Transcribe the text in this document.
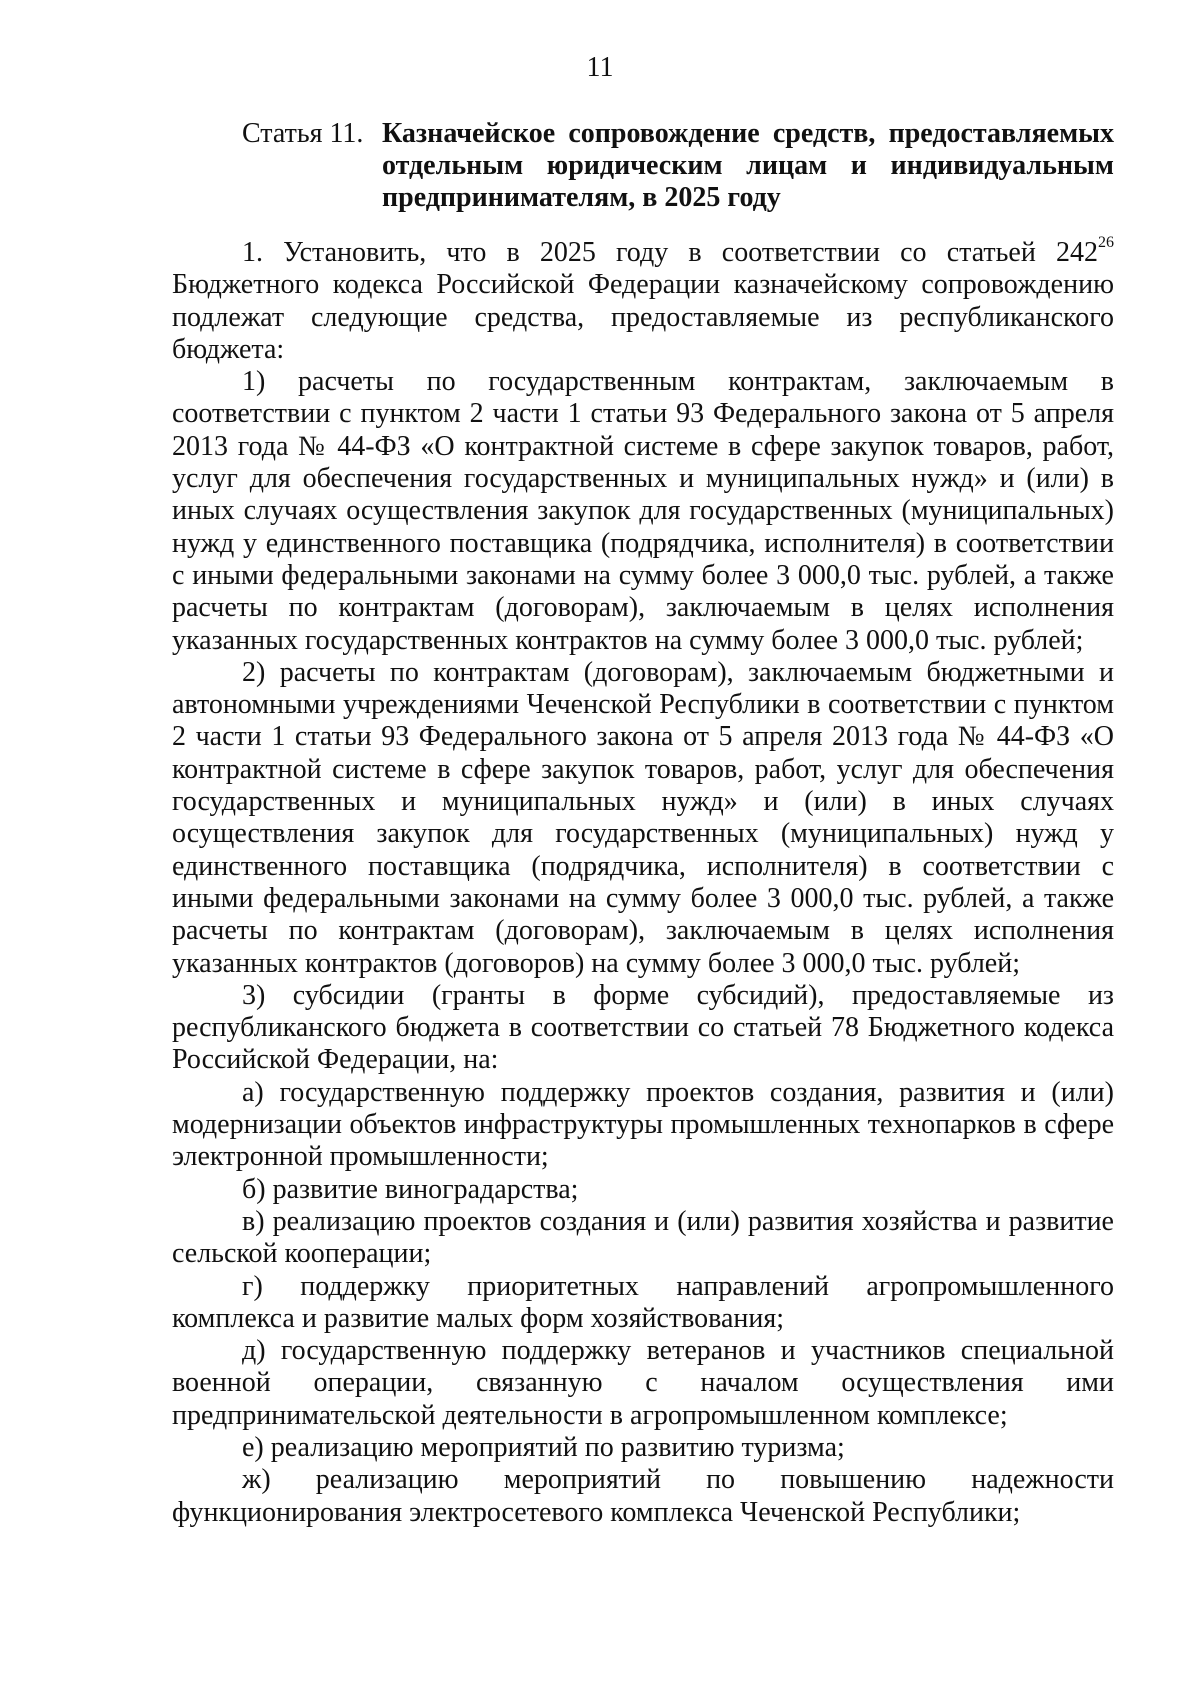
11
Статья 11. Казначейское сопровождение средств, предоставляемых отдельным юридическим лицам и индивидуальным предпринимателям, в 2025 году

1. Установить, что в 2025 году в соответствии со статьей $242^{26}$ Бюджетного кодекса Российской Федерации казначейскому сопровождению подлежат следующие средства, предоставляемые из республиканского бюджета:

1) расчеты по государственным контрактам, заключаемым в соответствии с пунктом 2 части 1 статьи 93 Федерального закона от 5 апреля 2013 года № 44-ФЗ «О контрактной системе в сфере закупок товаров, работ, услуг для обеспечения государственных и муниципальных нужд» и (или) в иных случаях осуществления закупок для государственных (муниципальных) нужд у единственного поставщика (подрядчика, исполнителя) в соответствии с иными федеральными законами на сумму более 3 000,0 тыс. рублей, а также расчеты по контрактам (договорам), заключаемым в целях исполнения указанных государственных контрактов на сумму более 3 000,0 тыс. рублей;

2) расчеты по контрактам (договорам), заключаемым бюджетными и автономными учреждениями Чеченской Республики в соответствии с пунктом 2 части 1 статьи 93 Федерального закона от 5 апреля 2013 года № 44-ФЗ «О контрактной системе в сфере закупок товаров, работ, услуг для обеспечения государственных и муниципальных нужд» и (или) в иных случаях осуществления закупок для государственных (муниципальных) нужд у единственного поставщика (подрядчика, исполнителя) в соответствии с иными федеральными законами на сумму более 3 000,0 тыс. рублей, а также расчеты по контрактам (договорам), заключаемым в целях исполнения указанных контрактов (договоров) на сумму более 3 000,0 тыс. рублей;

3) субсидии (гранты в форме субсидий), предоставляемые из республиканского бюджета в соответствии со статьей 78 Бюджетного кодекса Российской Федерации, на:

а) государственную поддержку проектов создания, развития и (или) модернизации объектов инфраструктуры промышленных технопарков в сфере электронной промышленности;

б) развитие виноградарства;

в) реализацию проектов создания и (или) развития хозяйства и развитие сельской кооперации;

г) поддержку приоритетных направлений агропромышленного комплекса и развитие малых форм хозяйствования;

д) государственную поддержку ветеранов и участников специальной военной операции, связанную с началом осуществления ими предпринимательской деятельности в агропромышленном комплексе;

е) реализацию мероприятий по развитию туризма;

ж) реализацию мероприятий по повышению надежности функционирования электросетевого комплекса Чеченской Республики;
